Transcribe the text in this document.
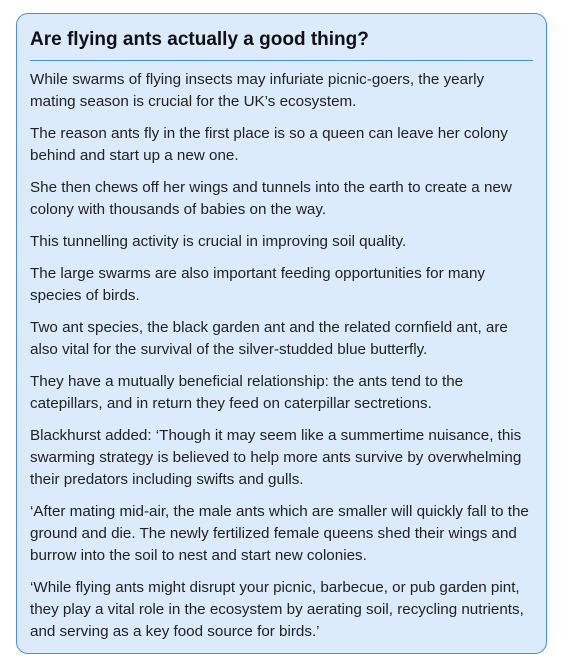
Are flying ants actually a good thing?

While swarms of flying insects may infuriate picnic-goers, the yearly mating season is crucial for the UK’s ecosystem.

The reason ants fly in the first place is so a queen can leave her colony behind and start up a new one.

She then chews off her wings and tunnels into the earth to create a new colony with thousands of babies on the way.

This tunnelling activity is crucial in improving soil quality.

The large swarms are also important feeding opportunities for many species of birds.

Two ant species, the black garden ant and the related cornfield ant, are also vital for the survival of the silver-studded blue butterfly.

They have a mutually beneficial relationship: the ants tend to the catepillars, and in return they feed on caterpillar sectretions.

Blackhurst added: ‘Though it may seem like a summertime nuisance, this swarming strategy is believed to help more ants survive by overwhelming their predators including swifts and gulls.

‘After mating mid-air, the male ants which are smaller will quickly fall to the ground and die. The newly fertilized female queens shed their wings and burrow into the soil to nest and start new colonies.

‘While flying ants might disrupt your picnic, barbecue, or pub garden pint, they play a vital role in the ecosystem by aerating soil, recycling nutrients, and serving as a key food source for birds.’
